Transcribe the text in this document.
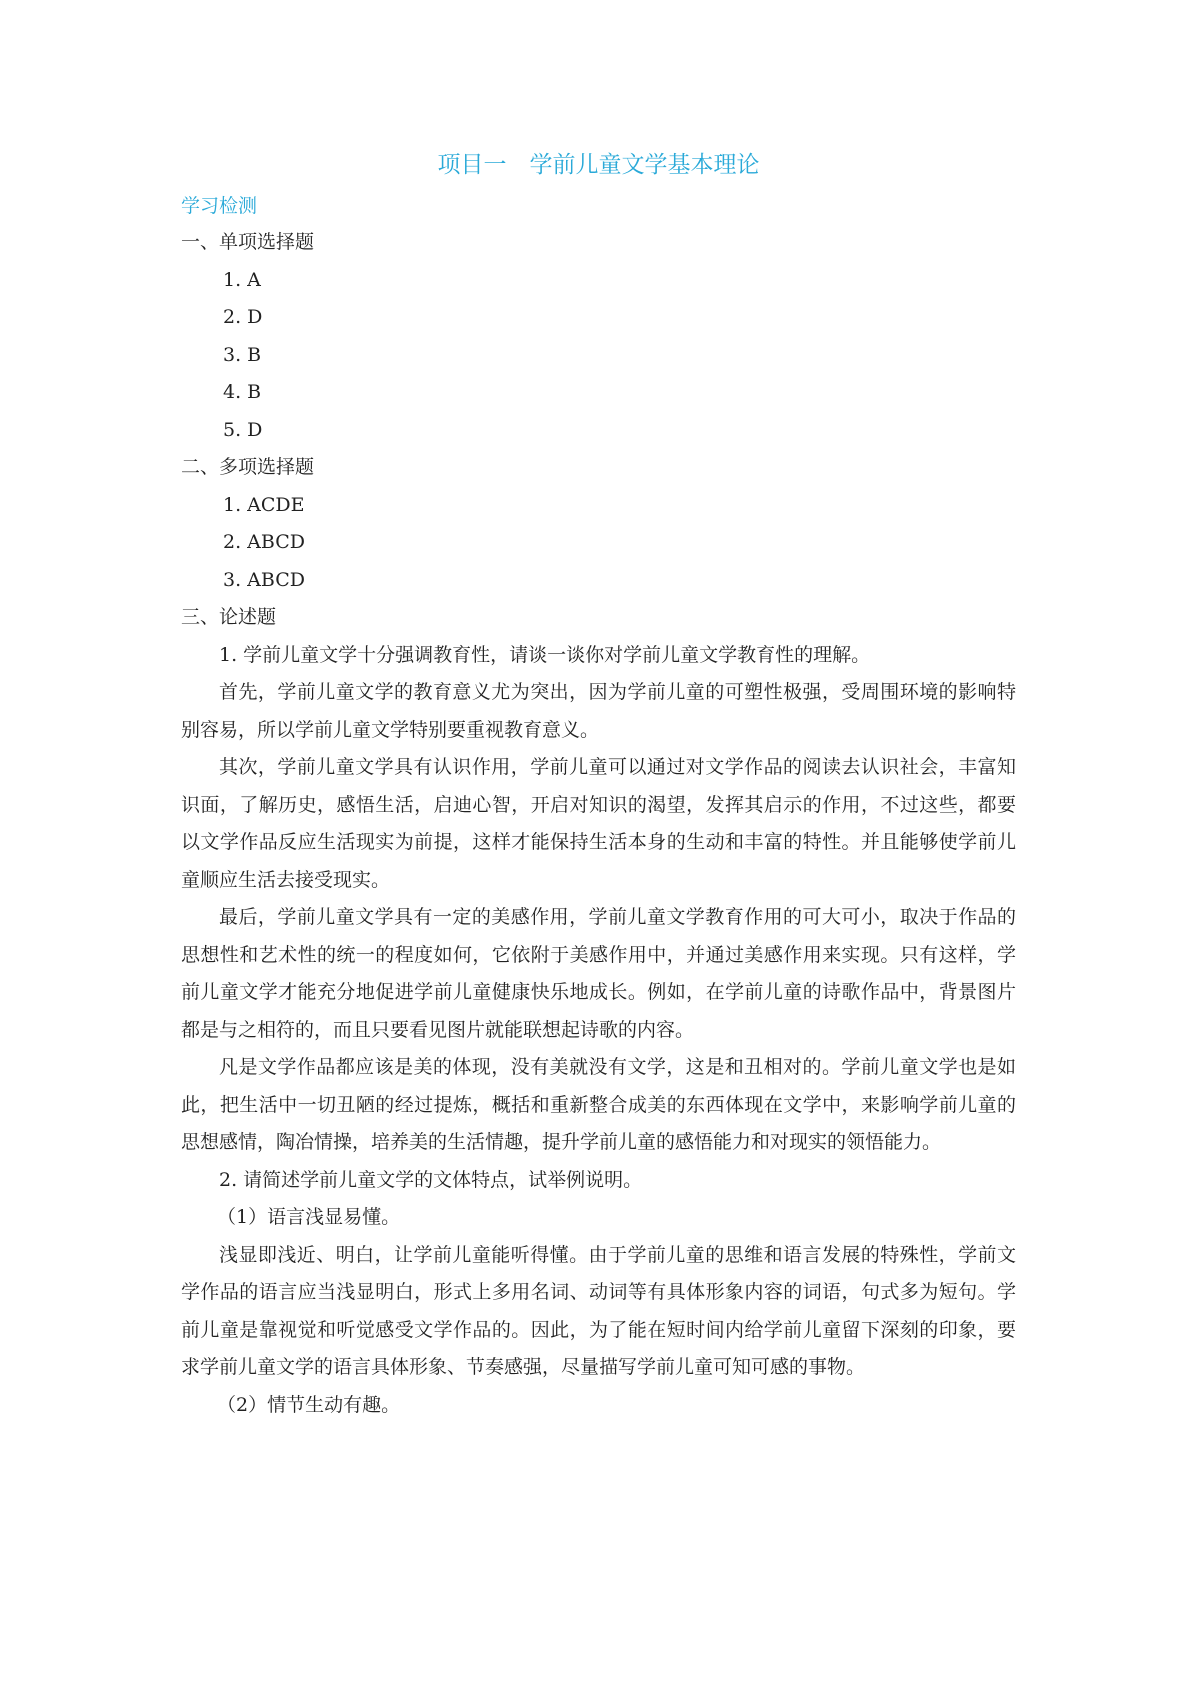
项目一　学前儿童文学基本理论
学习检测
一、单项选择题
1. A
2. D
3. B
4. B
5. D
二、多项选择题
1. ACDE
2. ABCD
3. ABCD
三、论述题

1. 学前儿童文学十分强调教育性，请谈一谈你对学前儿童文学教育性的理解。

首先，学前儿童文学的教育意义尤为突出，因为学前儿童的可塑性极强，受周围环境的影响特别容易，所以学前儿童文学特别要重视教育意义。

其次，学前儿童文学具有认识作用，学前儿童可以通过对文学作品的阅读去认识社会，丰富知识面，了解历史，感悟生活，启迪心智，开启对知识的渴望，发挥其启示的作用，不过这些，都要以文学作品反应生活现实为前提，这样才能保持生活本身的生动和丰富的特性。并且能够使学前儿童顺应生活去接受现实。

最后，学前儿童文学具有一定的美感作用，学前儿童文学教育作用的可大可小，取决于作品的思想性和艺术性的统一的程度如何，它依附于美感作用中，并通过美感作用来实现。只有这样，学前儿童文学才能充分地促进学前儿童健康快乐地成长。例如，在学前儿童的诗歌作品中，背景图片都是与之相符的，而且只要看见图片就能联想起诗歌的内容。

凡是文学作品都应该是美的体现，没有美就没有文学，这是和丑相对的。学前儿童文学也是如此，把生活中一切丑陋的经过提炼，概括和重新整合成美的东西体现在文学中，来影响学前儿童的思想感情，陶冶情操，培养美的生活情趣，提升学前儿童的感悟能力和对现实的领悟能力。

2. 请简述学前儿童文学的文体特点，试举例说明。

（1）语言浅显易懂。

浅显即浅近、明白，让学前儿童能听得懂。由于学前儿童的思维和语言发展的特殊性，学前文学作品的语言应当浅显明白，形式上多用名词、动词等有具体形象内容的词语，句式多为短句。学前儿童是靠视觉和听觉感受文学作品的。因此，为了能在短时间内给学前儿童留下深刻的印象，要求学前儿童文学的语言具体形象、节奏感强，尽量描写学前儿童可知可感的事物。

（2）情节生动有趣。
